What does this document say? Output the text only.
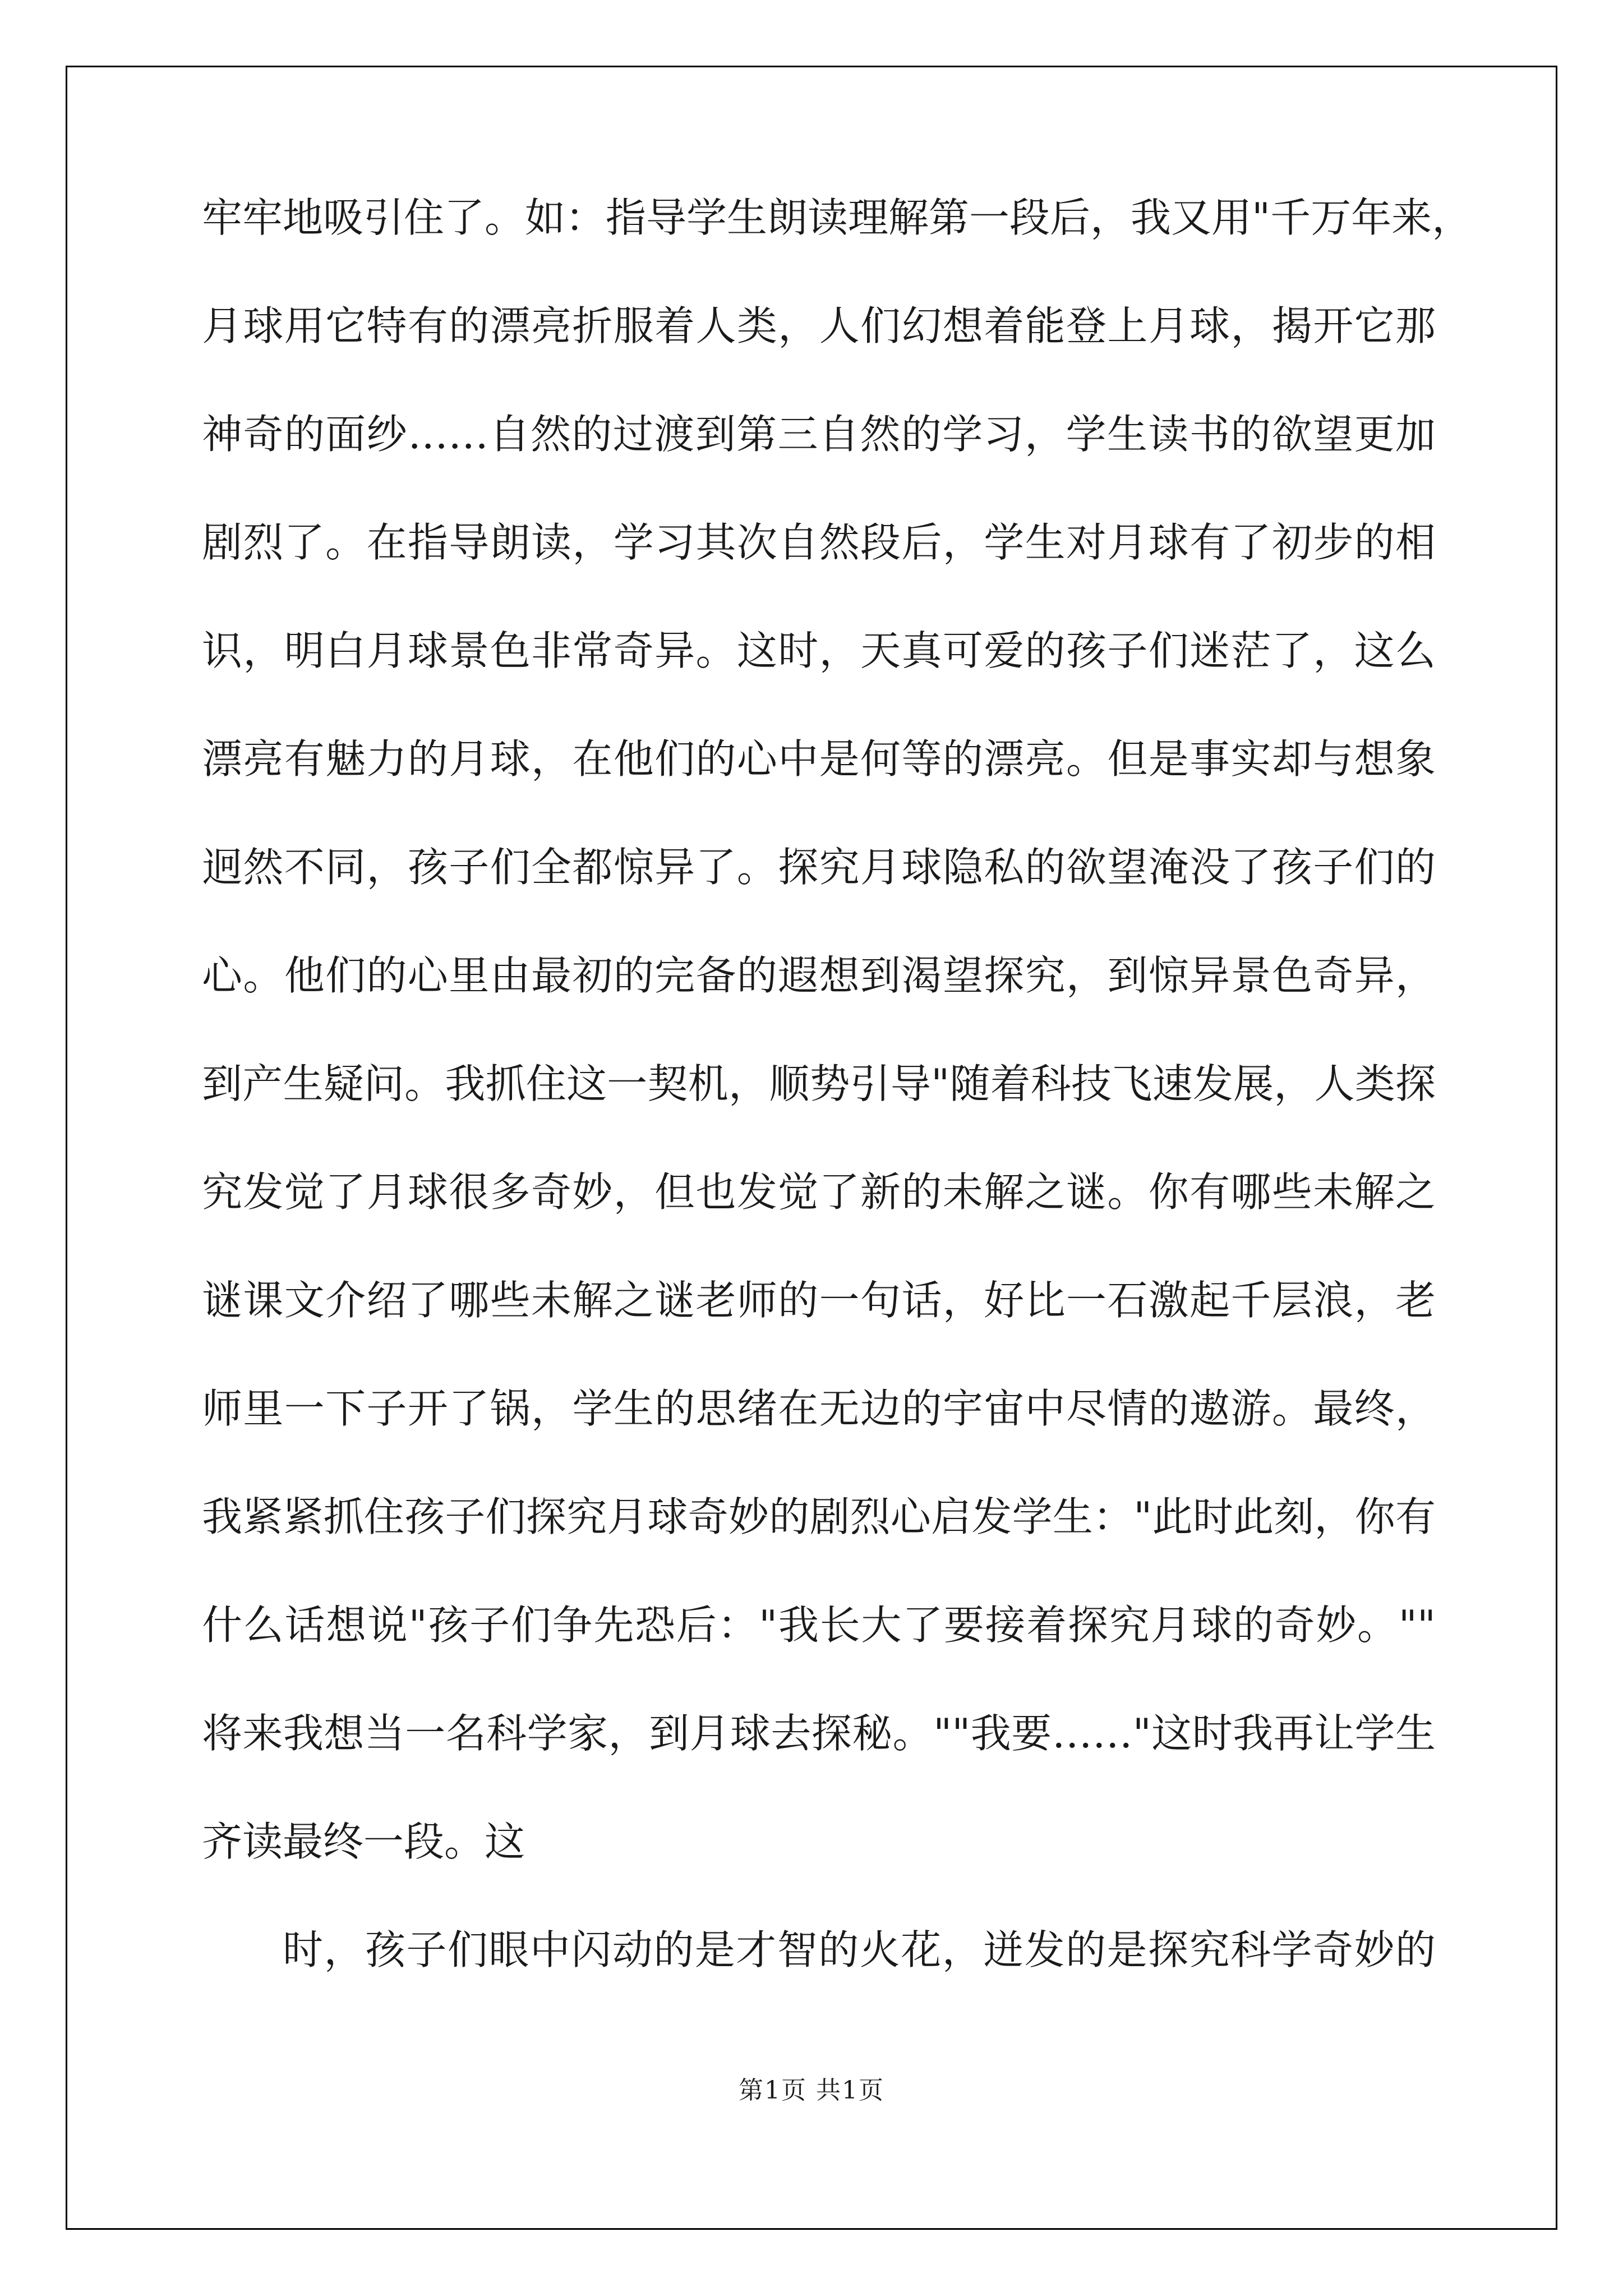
牢牢地吸引住了。如：指导学生朗读理解第一段后，我又用"千万年来，
月球用它特有的漂亮折服着人类，人们幻想着能登上月球，揭开它那
神奇的面纱……自然的过渡到第三自然的学习，学生读书的欲望更加
剧烈了。在指导朗读，学习其次自然段后，学生对月球有了初步的相
识，明白月球景色非常奇异。这时，天真可爱的孩子们迷茫了，这么
漂亮有魅力的月球，在他们的心中是何等的漂亮。但是事实却与想象
迥然不同，孩子们全都惊异了。探究月球隐私的欲望淹没了孩子们的
心。他们的心里由最初的完备的遐想到渴望探究，到惊异景色奇异，
到产生疑问。我抓住这一契机，顺势引导"随着科技飞速发展，人类探
究发觉了月球很多奇妙，但也发觉了新的未解之谜。你有哪些未解之
谜课文介绍了哪些未解之谜老师的一句话，好比一石激起千层浪，老
师里一下子开了锅，学生的思绪在无边的宇宙中尽情的遨游。最终，
我紧紧抓住孩子们探究月球奇妙的剧烈心启发学生："此时此刻，你有
什么话想说"孩子们争先恐后："我长大了要接着探究月球的奇妙。""
将来我想当一名科学家，到月球去探秘。""我要……"这时我再让学生
齐读最终一段。这
时，孩子们眼中闪动的是才智的火花，迸发的是探究科学奇妙的
第1页 共1页
